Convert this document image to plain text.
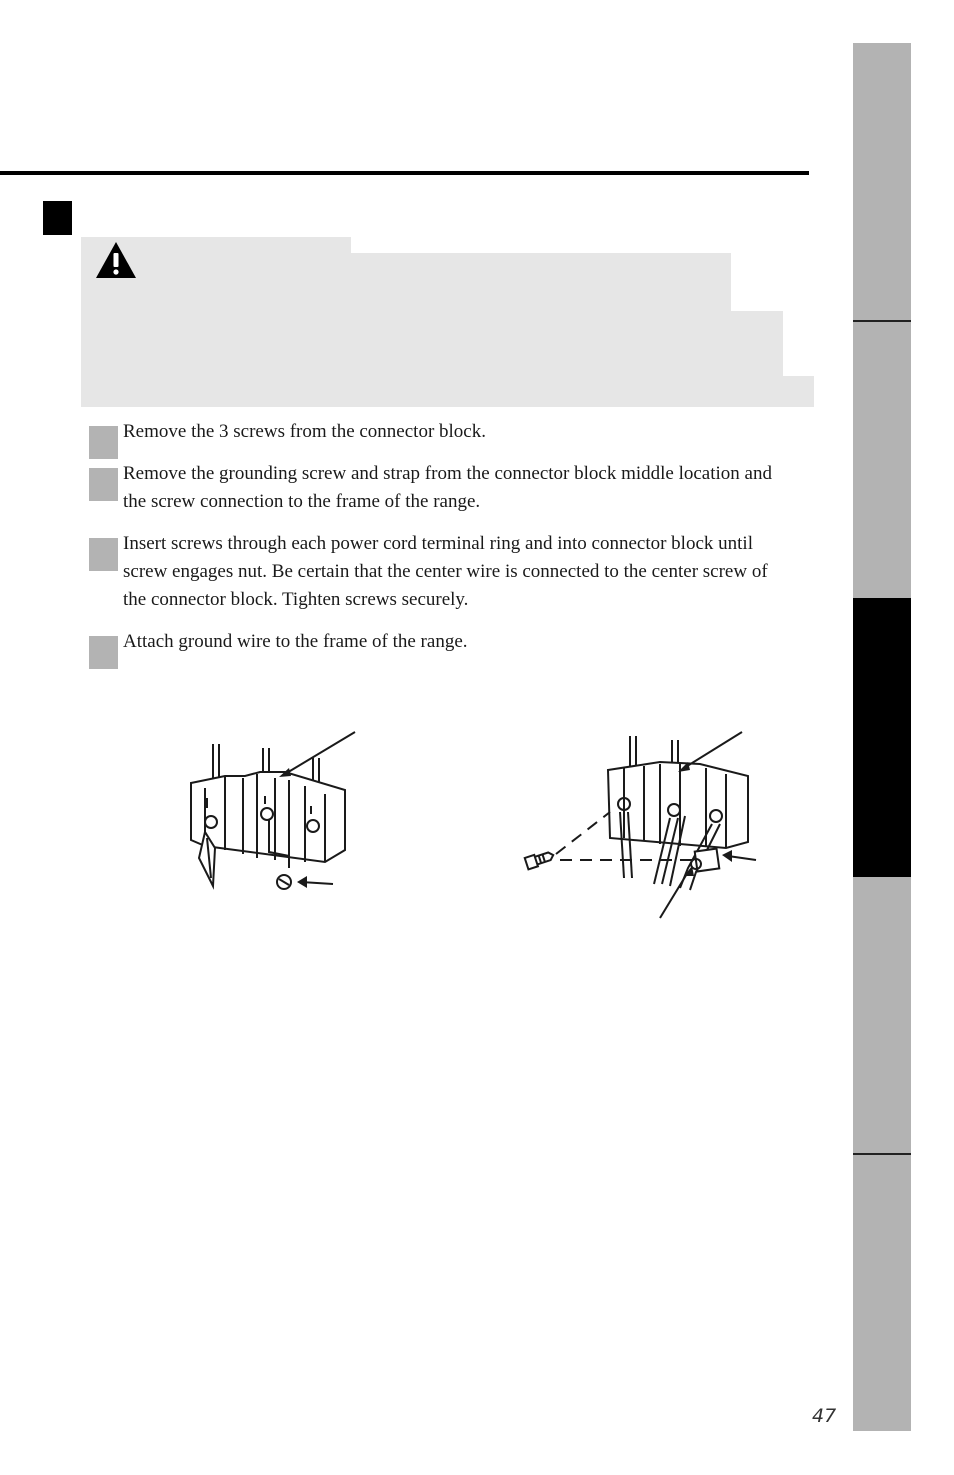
Remove the 3 screws from the connector block.
Remove the grounding screw and strap from the connector block middle location and the screw connection to the frame of the range.
Insert screws through each power cord terminal ring and into connector block until screw engages nut. Be certain that the center wire is connected to the center screw of the connector block. Tighten screws securely.
Attach ground wire to the frame of the range.
47
